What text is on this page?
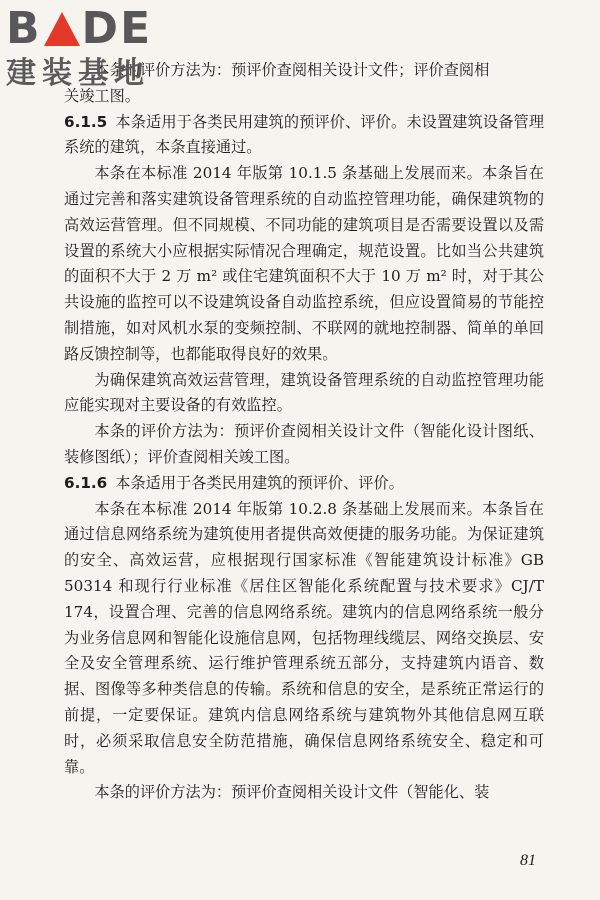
B DE
建装基地

本条的评价方法为：预评价查阅相关设计文件；评价查阅相

关竣工图。

6.1.5 本条适用于各类民用建筑的预评价、评价。未设置建筑设备管理系统的建筑，本条直接通过。

本条在本标准 2014 年版第 10.1.5 条基础上发展而来。本条旨在通过完善和落实建筑设备管理系统的自动监控管理功能，确保建筑物的高效运营管理。但不同规模、不同功能的建筑项目是否需要设置以及需设置的系统大小应根据实际情况合理确定，规范设置。比如当公共建筑的面积不大于 2 万 m² 或住宅建筑面积不大于 10 万 m² 时，对于其公共设施的监控可以不设建筑设备自动监控系统，但应设置简易的节能控制措施，如对风机水泵的变频控制、不联网的就地控制器、简单的单回路反馈控制等，也都能取得良好的效果。

为确保建筑高效运营管理，建筑设备管理系统的自动监控管理功能应能实现对主要设备的有效监控。

本条的评价方法为：预评价查阅相关设计文件（智能化设计图纸、装修图纸）；评价查阅相关竣工图。

6.1.6 本条适用于各类民用建筑的预评价、评价。

本条在本标准 2014 年版第 10.2.8 条基础上发展而来。本条旨在通过信息网络系统为建筑使用者提供高效便捷的服务功能。为保证建筑的安全、高效运营，应根据现行国家标准《智能建筑设计标准》GB 50314 和现行行业标准《居住区智能化系统配置与技术要求》CJ/T 174，设置合理、完善的信息网络系统。建筑内的信息网络系统一般分为业务信息网和智能化设施信息网，包括物理线缆层、网络交换层、安全及安全管理系统、运行维护管理系统五部分，支持建筑内语音、数据、图像等多种类信息的传输。系统和信息的安全，是系统正常运行的前提，一定要保证。建筑内信息网络系统与建筑物外其他信息网互联时，必须采取信息安全防范措施，确保信息网络系统安全、稳定和可靠。

本条的评价方法为：预评价查阅相关设计文件（智能化、装

81
